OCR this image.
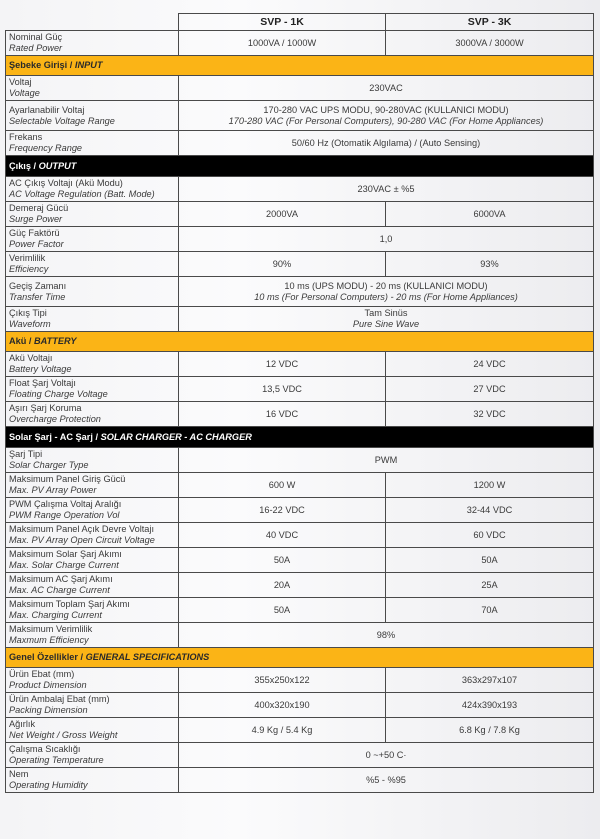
	SVP - 1K	SVP - 3K

Nominal Güç
Rated Power	1000VA / 1000W	3000VA / 3000W
Şebeke Girişi / INPUT		

Voltaj
Voltage	230VAC	

Ayarlanabilir Voltaj
Selectable Voltage Range	170-280 VAC UPS MODU, 90-280VAC (KULLANICI MODU)
170-280 VAC (For Personal Computers), 90-280 VAC (For Home Appliances)	

Frekans
Frequency Range	50/60 Hz (Otomatik Algılama) / (Auto Sensing)	
Çıkış / OUTPUT		

AC Çıkış Voltajı (Akü Modu)
AC Voltage Regulation (Batt. Mode)	230VAC ± %5	

Demeraj Gücü
Surge Power	2000VA	6000VA

Güç Faktörü
Power Factor	1,0	

Verimlilik
Efficiency	90%	93%

Geçiş Zamanı
Transfer Time	10 ms (UPS MODU) - 20 ms (KULLANICI MODU)
10 ms (For Personal Computers) - 20 ms (For Home Appliances)	

Çıkış Tipi
Waveform	Tam Sinüs
Pure Sine Wave	

Akü / BATTERY		

Akü Voltajı
Battery Voltage	12 VDC	24 VDC

Float Şarj Voltajı
Floating Charge Voltage	13,5 VDC	27 VDC

Aşırı Şarj Koruma
Overcharge Protection	16 VDC	32 VDC
Solar Şarj - AC Şarj / SOLAR CHARGER - AC CHARGER		

Şarj Tipi
Solar Charger Type	PWM	

Maksimum Panel Giriş Gücü
Max. PV Array Power	600 W	1200 W

PWM Çalışma Voltaj Aralığı
PWM Range Operation Vol	16-22 VDC	32-44 VDC

Maksimum Panel Açık Devre Voltajı
Max. PV Array Open Circuit Voltage	40 VDC	60 VDC

Maksimum Solar Şarj Akımı
Max. Solar Charge Current	50A	50A

Maksimum AC Şarj Akımı
Max. AC Charge Current	20A	25A

Maksimum Toplam Şarj Akımı
Max. Charging Current	50A	70A

Maksimum Verimlilik
Maxmum Efficiency	98%	
Genel Özellikler / GENERAL SPECIFICATIONS		

Ürün Ebat (mm)
Product Dimension	355x250x122	363x297x107

Ürün Ambalaj Ebat (mm)
Packing Dimension	400x320x190	424x390x193

Ağırlık
Net Weight / Gross Weight	4.9 Kg / 5.4 Kg	6.8 Kg / 7.8 Kg

Çalışma Sıcaklığı
Operating Temperature	0 ~+50 C·	

Nem
Operating Humidity	%5 - %95	
